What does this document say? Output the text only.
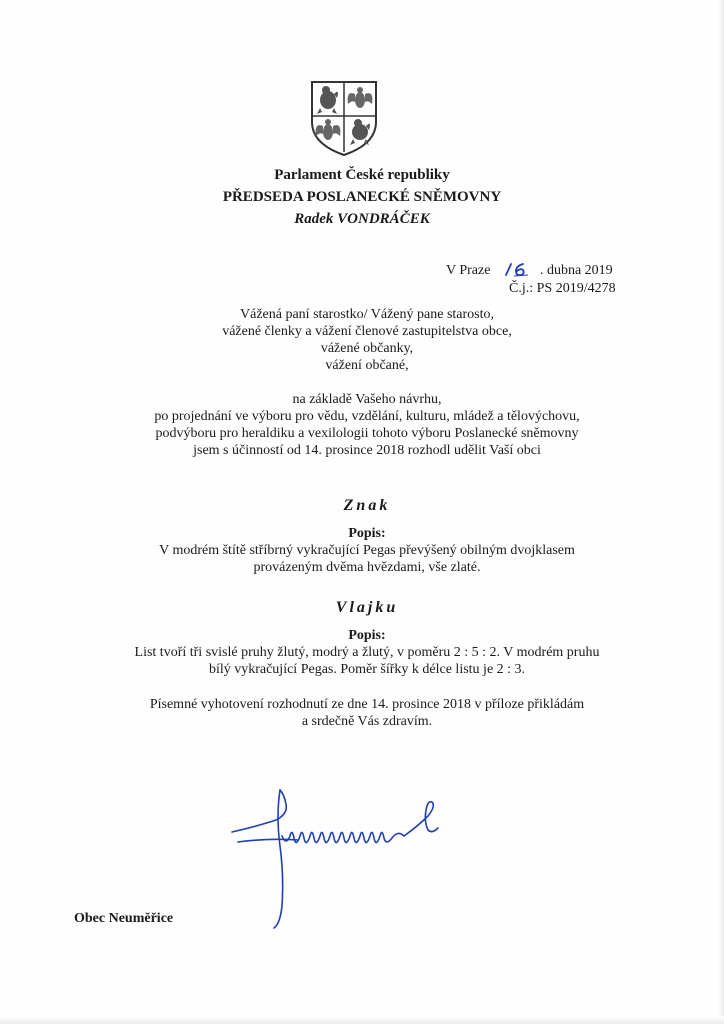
Parlament České republiky
PŘEDSEDA POSLANECKÉ SNĚMOVNY
Radek VONDRÁČEK
V Praze	. dubna 2019
Č.j.: PS 2019/4278
Vážená paní starostko/ Vážený pane starosto,
vážené členky a vážení členové zastupitelstva obce,
vážené občanky,
vážení občané,
na základě Vašeho návrhu,
po projednání ve výboru pro vědu, vzdělání, kulturu, mládež a tělovýchovu,
podvýboru pro heraldiku a vexilologii tohoto výboru Poslanecké sněmovny
jsem s účinností od 14. prosince 2018 rozhodl udělit Vaší obci
Znak
Popis:
V modrém štítě stříbrný vykračující Pegas převýšený obilným dvojklasem
provázeným dvěma hvězdami, vše zlaté.
Vlajku
Popis:
List tvoří tři svislé pruhy žlutý, modrý a žlutý, v poměru 2 : 5 : 2. V modrém pruhu
bílý vykračující Pegas. Poměr šířky k délce listu je 2 : 3.
Písemné vyhotovení rozhodnutí ze dne 14. prosince 2018 v příloze přikládám
a srdečně Vás zdravím.
Obec Neuměřice
